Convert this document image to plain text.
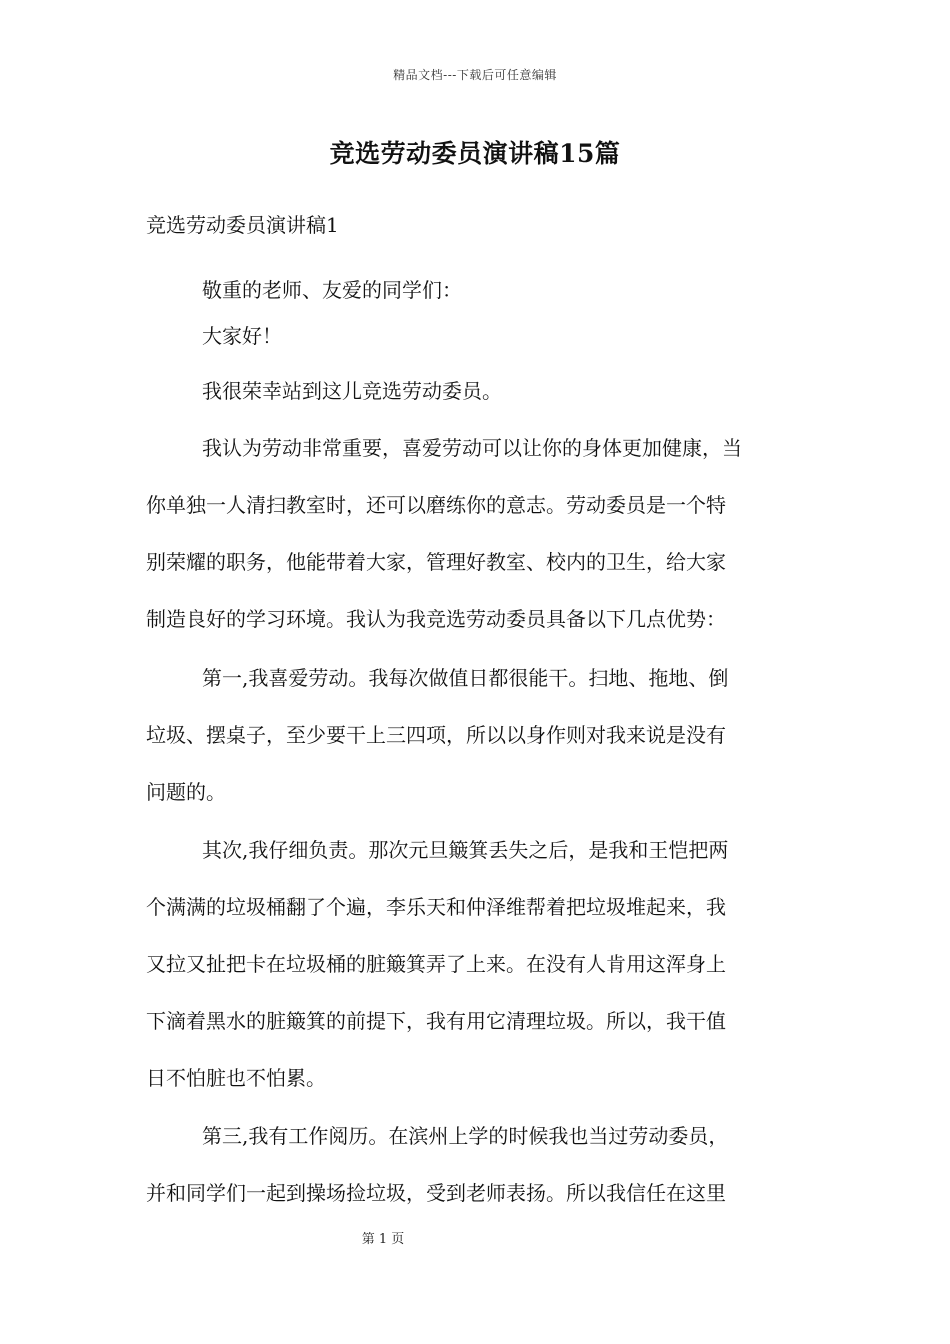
精品文档---下载后可任意编辑
竞选劳动委员演讲稿15篇
竞选劳动委员演讲稿1

敬重的老师、友爱的同学们：

大家好！

我很荣幸站到这儿竞选劳动委员。

我认为劳动非常重要，喜爱劳动可以让你的身体更加健康，当
你单独一人清扫教室时，还可以磨练你的意志。劳动委员是一个特
别荣耀的职务，他能带着大家，管理好教室、校内的卫生，给大家
制造良好的学习环境。我认为我竞选劳动委员具备以下几点优势：

第一,我喜爱劳动。我每次做值日都很能干。扫地、拖地、倒
垃圾、摆桌子，至少要干上三四项，所以以身作则对我来说是没有
问题的。

其次,我仔细负责。那次元旦簸箕丢失之后，是我和王恺把两
个满满的垃圾桶翻了个遍，李乐天和仲泽维帮着把垃圾堆起来，我
又拉又扯把卡在垃圾桶的脏簸箕弄了上来。在没有人肯用这浑身上
下滴着黑水的脏簸箕的前提下，我有用它清理垃圾。所以，我干值
日不怕脏也不怕累。

第三,我有工作阅历。在滨州上学的时候我也当过劳动委员，
并和同学们一起到操场捡垃圾，受到老师表扬。所以我信任在这里

第 1 页
